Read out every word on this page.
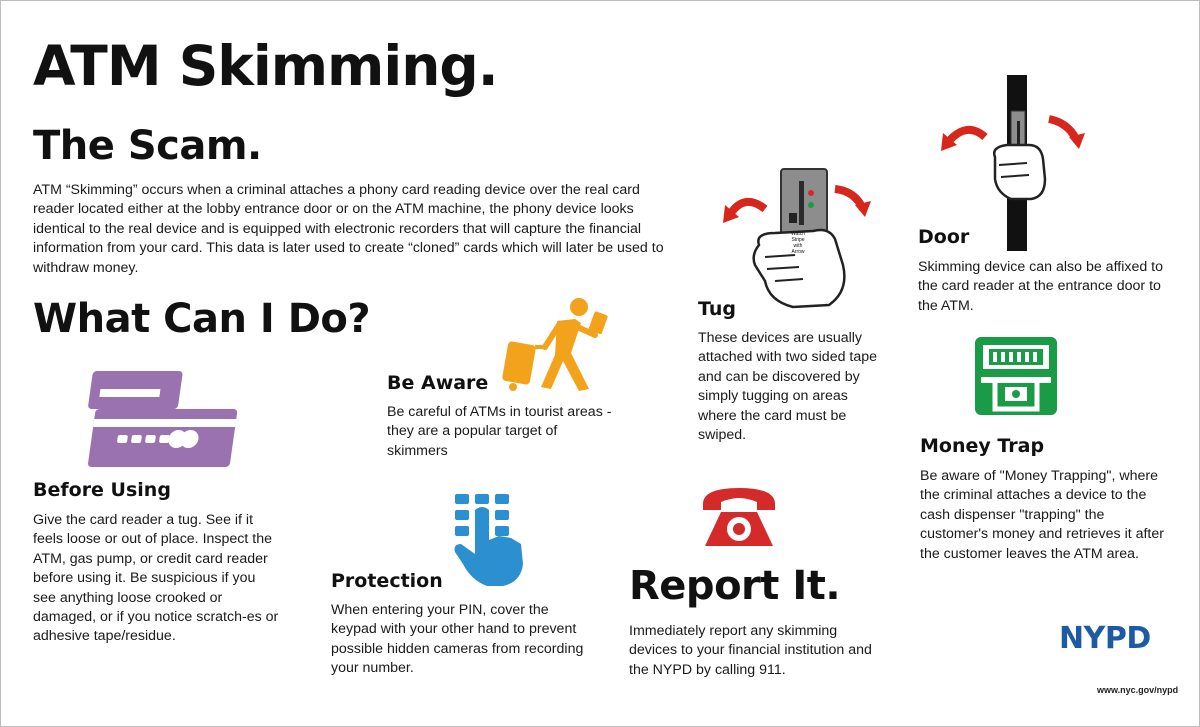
ATM Skimming.
The Scam.
ATM “Skimming” occurs when a criminal attaches a phony card reading device over the real card reader located either at the lobby entrance door or on the ATM machine, the phony device looks identical to the real device and is equipped with electronic recorders that will capture the financial information from your card. This data is later used to create “cloned” cards which will later be used to withdraw money.
What Can I Do?
Before Using
Give the card reader a tug. See if it feels loose or out of place. Inspect the ATM, gas pump, or credit card reader before using it. Be suspicious if you see anything loose crooked or damaged, or if you notice scratch-es or adhesive tape/residue.
Be Aware
Be careful of ATMs in tourist areas - they are a popular target of skimmers
Protection
When entering your PIN, cover the keypad with your other hand to prevent possible hidden cameras from recording your number.
Watch Stripe with Arrow
Tug
These devices are usually attached with two sided tape and can be discovered by simply tugging on areas where the card must be swiped.
Door
Skimming device can also be affixed to the card reader at the entrance door to the ATM.
Money Trap
Be aware of "Money Trapping", where the criminal attaches a device to the cash dispenser "trapping" the customer's money and retrieves it after the customer leaves the ATM area.
Report It.
Immediately report any skimming devices to your financial institution and the NYPD by calling 911.
NYPD
www.nyc.gov/nypd
